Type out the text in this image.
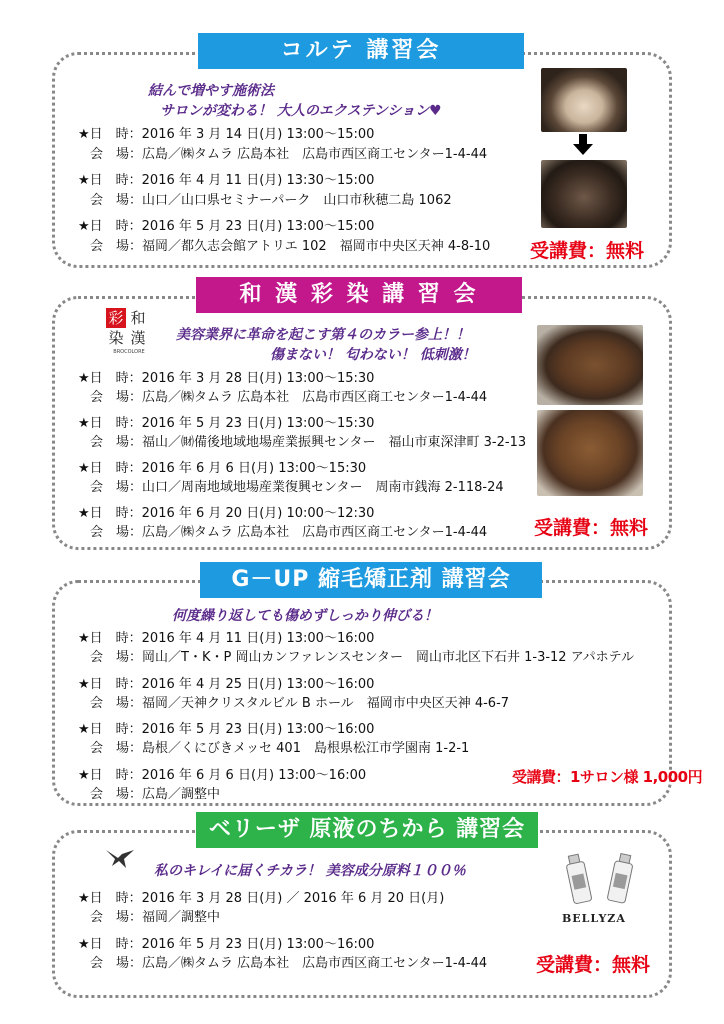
コルテ 講習会
結んで増やす施術法
サロンが変わる！ 大人のエクステンション♥
★日　時：2016 年 3 月 14 日(月) 13:00～15:00
会　場：広島／㈱タムラ 広島本社　 広島市西区商工センター1-4-44
★日　時：2016 年 4 月 11 日(月) 13:30～15:00
会　場：山口／山口県セミナーパーク　 山口市秋穂二島 1062
★日　時：2016 年 5 月 23 日(月) 13:00～15:00
会　場：福岡／都久志会館アトリエ 102　 福岡市中央区天神 4-8-10 受講費：無料
和 漢 彩 染 講 習 会
彩 和
染 漢
BROCOLORE
美容業界に革命を起こす第４のカラー参上！！
傷まない！ 匂わない！ 低刺激！
★日　時：2016 年 3 月 28 日(月) 13:00～15:30
会　場：広島／㈱タムラ 広島本社　 広島市西区商工センター1-4-44
★日　時：2016 年 5 月 23 日(月) 13:00～15:30
会　場：福山／㈶備後地域地場産業振興センター　 福山市東深津町 3-2-13
★日　時：2016 年 6 月 6 日(月) 13:00～15:30
会　場：山口／周南地域地場産業復興センター　 周南市銭海 2-118-24
★日　時：2016 年 6 月 20 日(月) 10:00～12:30
会　場：広島／㈱タムラ 広島本社　 広島市西区商工センター1-4-44 受講費：無料
G－UP 縮毛矯正剤 講習会
何度繰り返しても傷めずしっかり伸びる！
★日　時：2016 年 4 月 11 日(月) 13:00～16:00
会　場：岡山／T・K・P 岡山カンファレンスセンター　 岡山市北区下石井 1-3-12 アパホテル
★日　時：2016 年 4 月 25 日(月) 13:00～16:00
会　場：福岡／天神クリスタルビル B ホール　 福岡市中央区天神 4-6-7
★日　時：2016 年 5 月 23 日(月) 13:00～16:00
会　場：島根／くにびきメッセ 401　 島根県松江市学園南 1-2-1
★日　時：2016 年 6 月 6 日(月) 13:00～16:00
会　場：広島／調整中
受講費：1サロン様 1,000円
ベリーザ 原液のちから 講習会
私のキレイに届くチカラ！ 美容成分原料１００％
★日　時：2016 年 3 月 28 日(月) ／ 2016 年 6 月 20 日(月)
会　場：福岡／調整中
★日　時：2016 年 5 月 23 日(月) 13:00～16:00
会　場：広島／㈱タムラ 広島本社　 広島市西区商工センター1-4-44
BELLYZA
受講費：無料
